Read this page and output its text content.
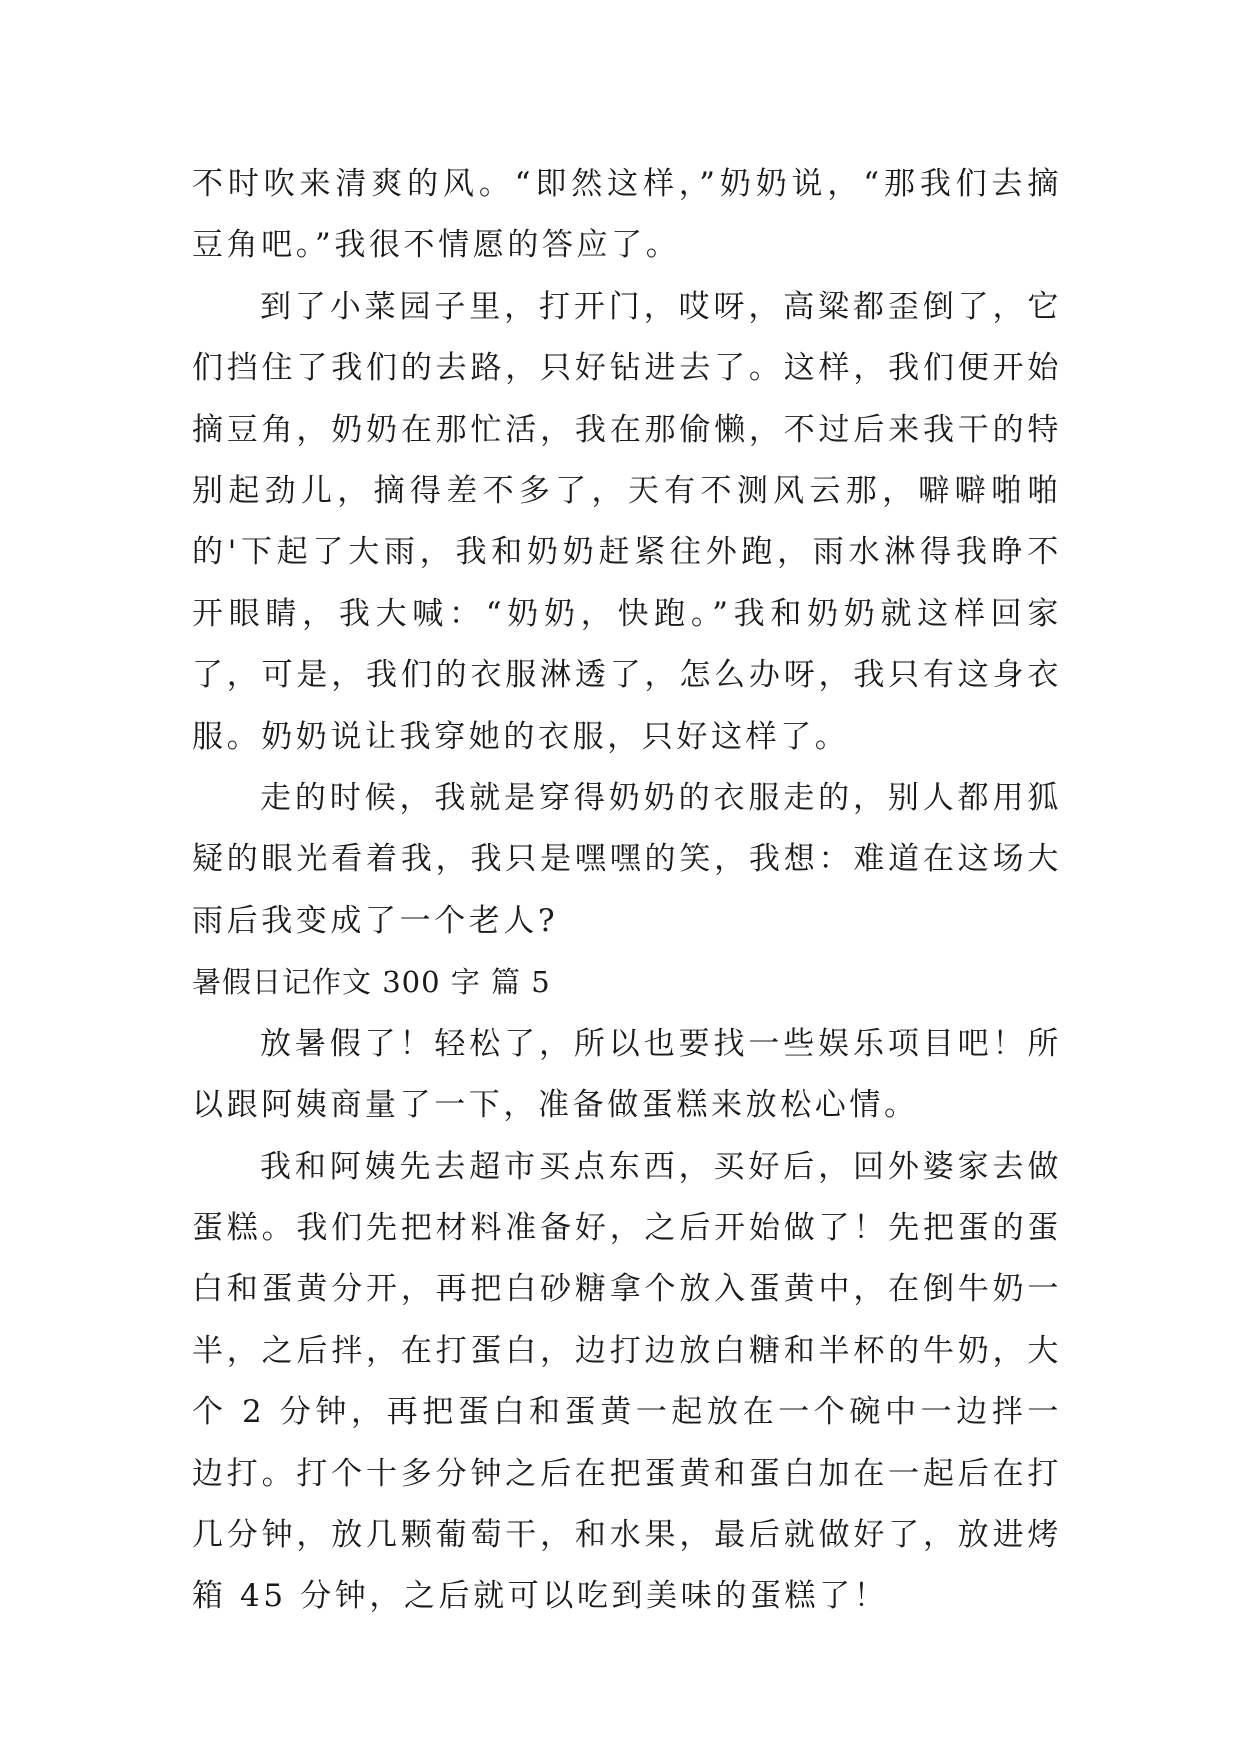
不时吹来清爽的风。“即然这样，”奶奶说，“那我们去摘豆角吧。”我很不情愿的答应了。

到了小菜园子里，打开门，哎呀，高粱都歪倒了，它们挡住了我们的去路，只好钻进去了。这样，我们便开始摘豆角，奶奶在那忙活，我在那偷懒，不过后来我干的特别起劲儿，摘得差不多了，天有不测风云那，噼噼啪啪的'下起了大雨，我和奶奶赶紧往外跑，雨水淋得我睁不开眼睛，我大喊：“奶奶，快跑。”我和奶奶就这样回家了，可是，我们的衣服淋透了，怎么办呀，我只有这身衣服。奶奶说让我穿她的衣服，只好这样了。

走的时候，我就是穿得奶奶的衣服走的，别人都用狐疑的眼光看着我，我只是嘿嘿的笑，我想：难道在这场大雨后我变成了一个老人?

暑假日记作文 300 字 篇 5

放暑假了！轻松了，所以也要找一些娱乐项目吧！所以跟阿姨商量了一下，准备做蛋糕来放松心情。

我和阿姨先去超市买点东西，买好后，回外婆家去做蛋糕。我们先把材料准备好，之后开始做了！先把蛋的蛋白和蛋黄分开，再把白砂糖拿个放入蛋黄中，在倒牛奶一半，之后拌，在打蛋白，边打边放白糖和半杯的牛奶，大个 2 分钟，再把蛋白和蛋黄一起放在一个碗中一边拌一边打。打个十多分钟之后在把蛋黄和蛋白加在一起后在打几分钟，放几颗葡萄干，和水果，最后就做好了，放进烤箱 45 分钟，之后就可以吃到美味的蛋糕了！
